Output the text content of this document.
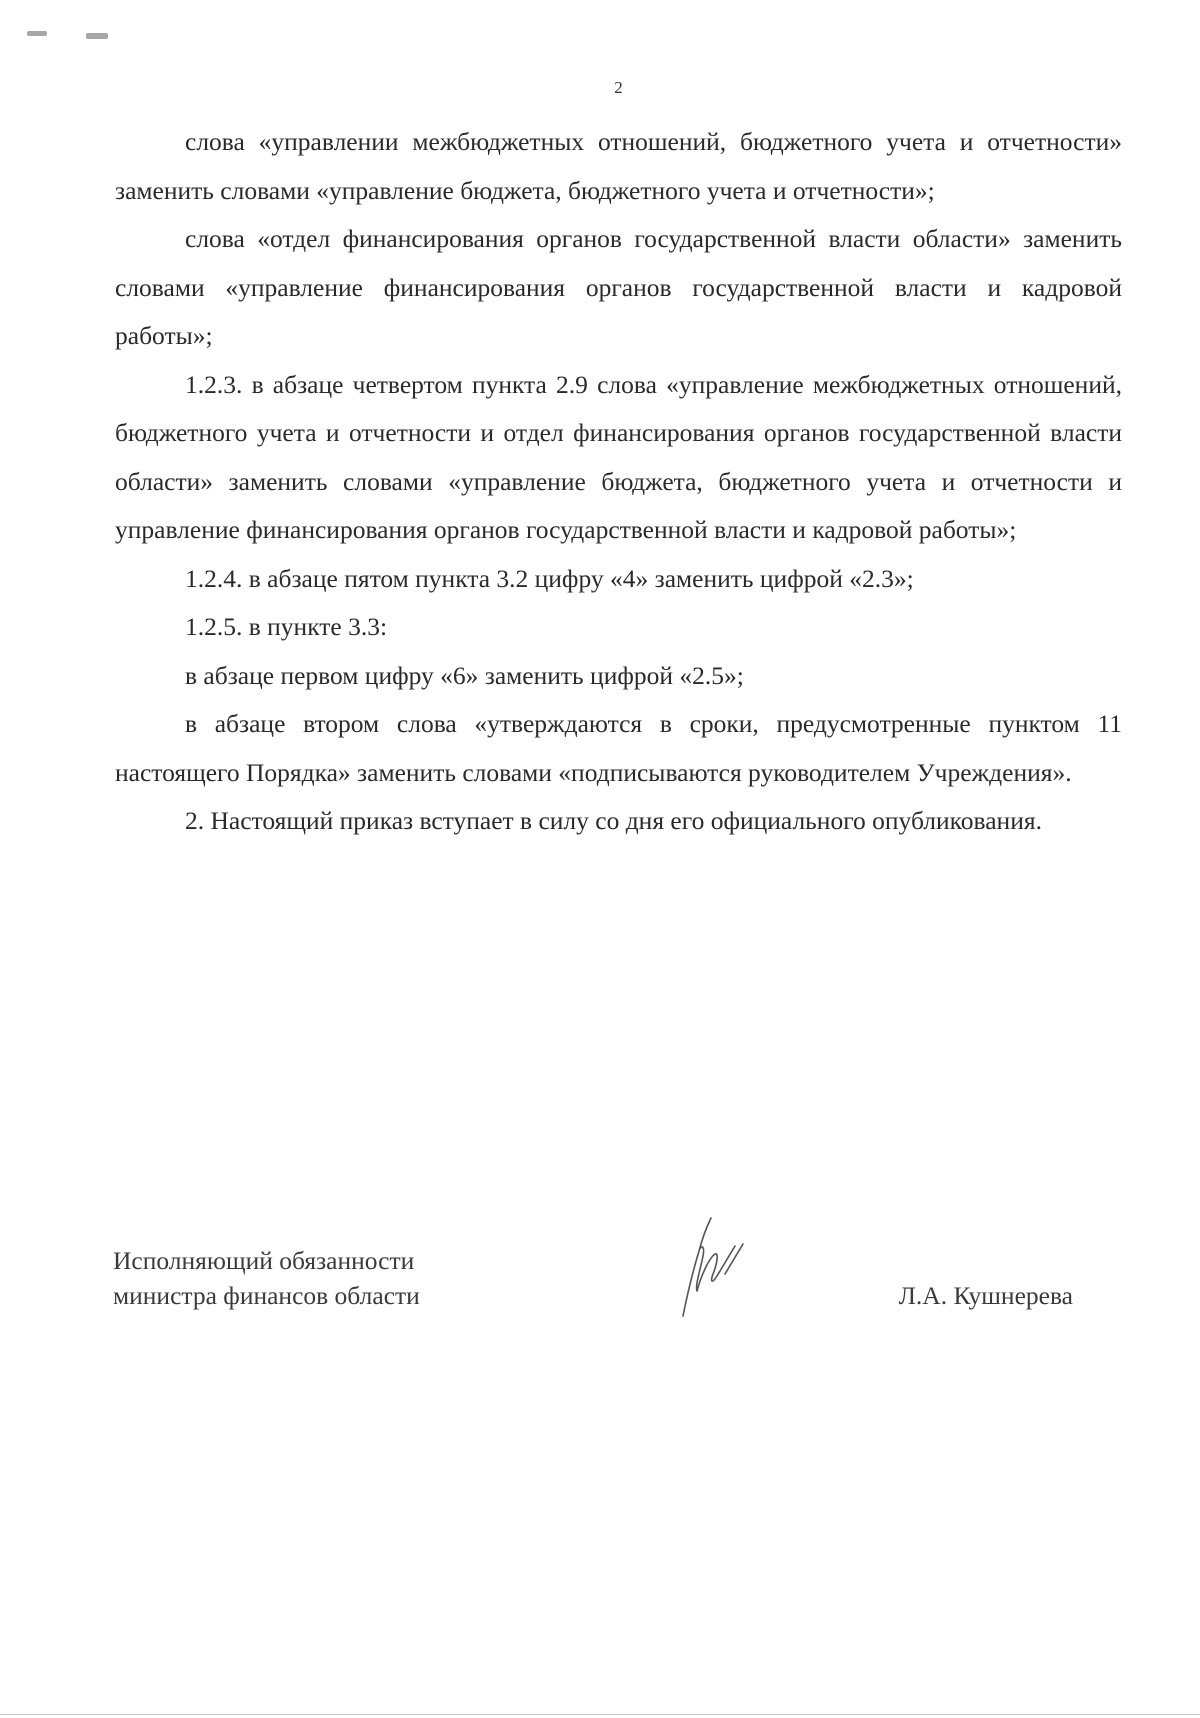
2

слова «управлении межбюджетных отношений, бюджетного учета и отчетности» заменить словами «управление бюджета, бюджетного учета и отчетности»;

слова «отдел финансирования органов государственной власти области» заменить словами «управление финансирования органов государственной власти и кадровой работы»;

1.2.3. в абзаце четвертом пункта 2.9 слова «управление межбюджетных отношений, бюджетного учета и отчетности и отдел финансирования органов государственной власти области» заменить словами «управление бюджета, бюджетного учета и отчетности и управление финансирования органов государственной власти и кадровой работы»;

1.2.4. в абзаце пятом пункта 3.2 цифру «4» заменить цифрой «2.3»;

1.2.5. в пункте 3.3:

в абзаце первом цифру «6» заменить цифрой «2.5»;

в абзаце втором слова «утверждаются в сроки, предусмотренные пунктом 11 настоящего Порядка» заменить словами «подписываются руководителем Учреждения».

2. Настоящий приказ вступает в силу со дня его официального опубликования.

Исполняющий обязанности
министра финансов области	Л.А. Кушнерева
